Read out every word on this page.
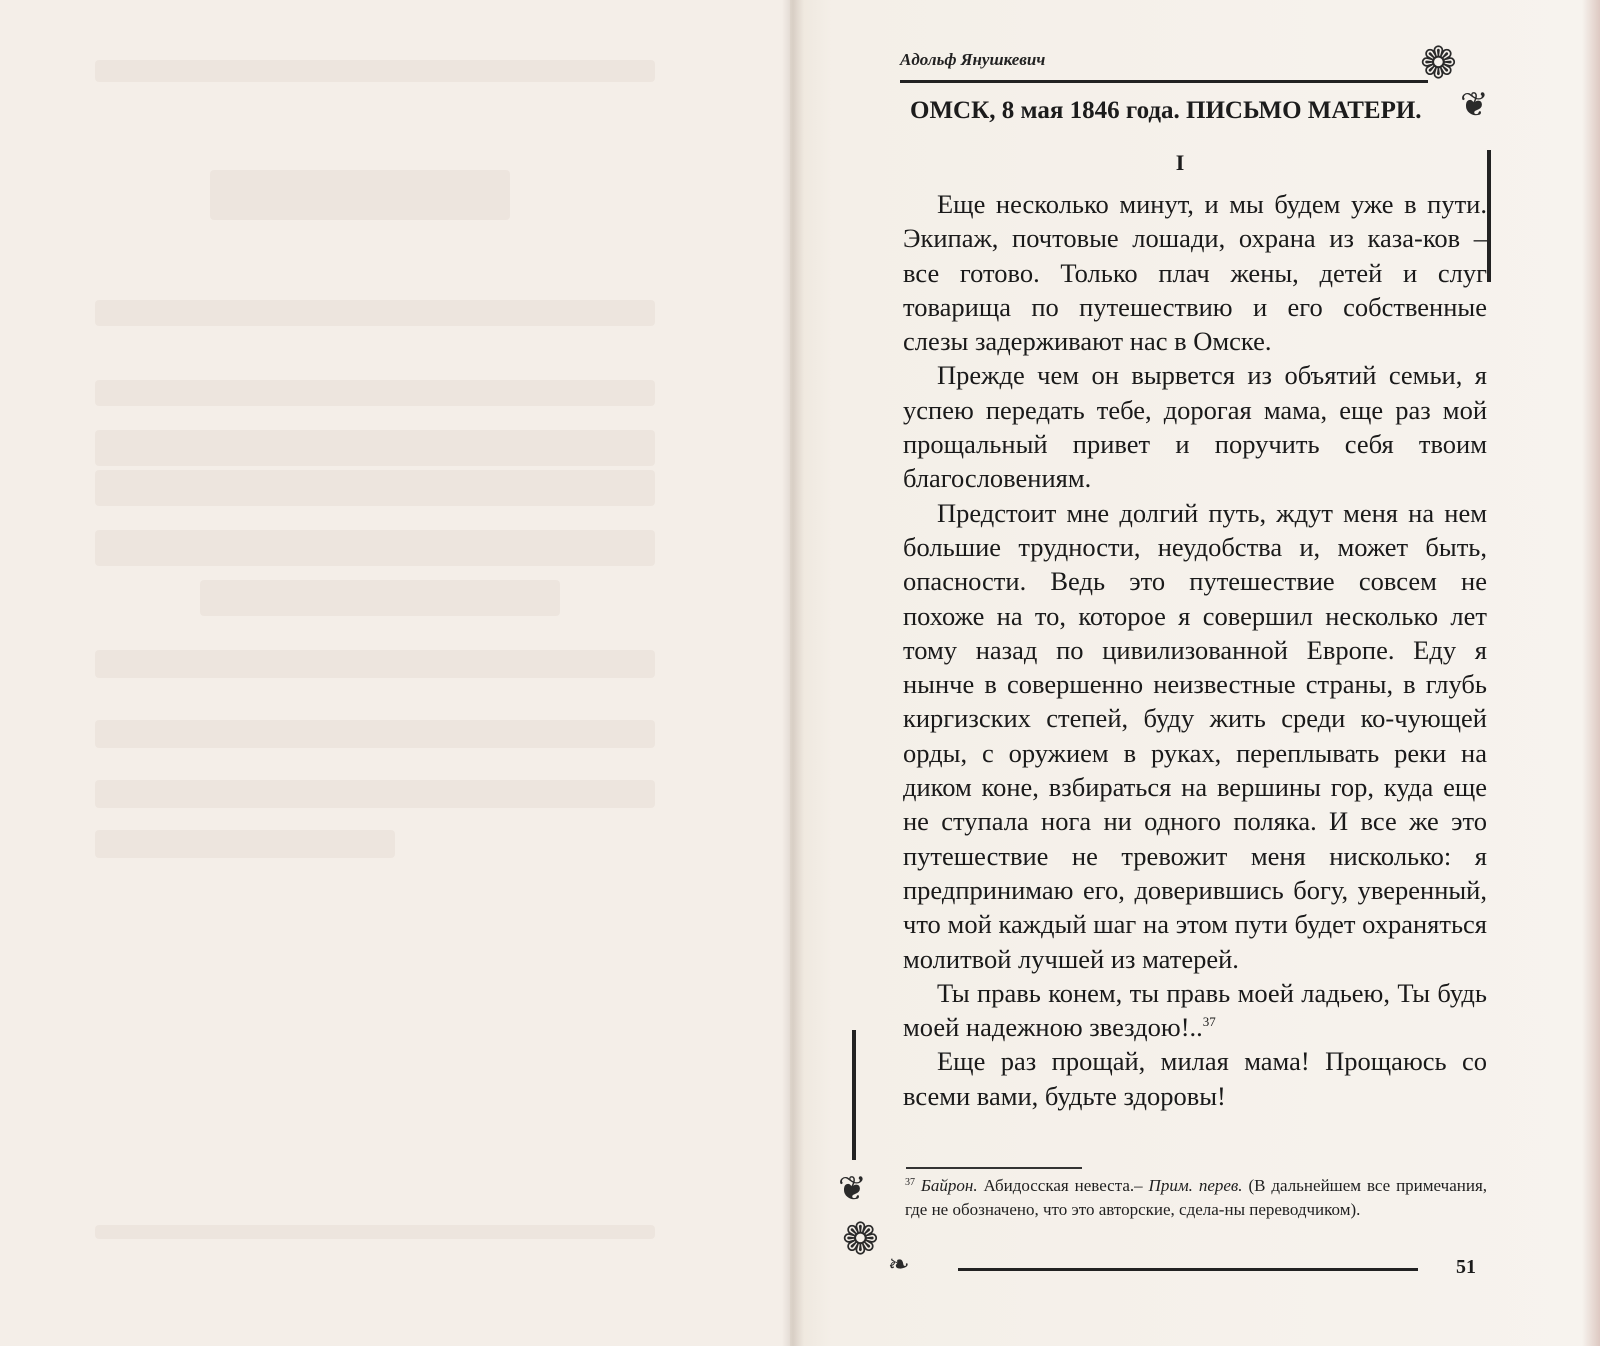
Адольф Янушкевич	❁
❦
ОМСК, 8 мая 1846 года. ПИСЬМО МАТЕРИ.
I

Еще несколько минут, и мы будем уже в пути. Экипаж, почтовые лошади, охрана из каза-ков – все готово. Только плач жены, детей и слуг товарища по путешествию и его собственные слезы задерживают нас в Омске.

Прежде чем он вырвется из объятий семьи, я успею передать тебе, дорогая мама, еще раз мой прощальный привет и поручить себя твоим благословениям.

Предстоит мне долгий путь, ждут меня на нем большие трудности, неудобства и, может быть, опасности. Ведь это путешествие совсем не похоже на то, которое я совершил несколько лет тому назад по цивилизованной Европе. Еду я нынче в совершенно неизвестные страны, в глубь киргизских степей, буду жить среди ко-чующей орды, с оружием в руках, переплывать реки на диком коне, взбираться на вершины гор, куда еще не ступала нога ни одного поляка. И все же это путешествие не тревожит меня нисколько: я предпринимаю его, доверившись богу, уверенный, что мой каждый шаг на этом пути будет охраняться молитвой лучшей из матерей.

Ты правь конем, ты правь моей ладьею, Ты будь моей надежною звездою!..$^{37}$

Еще раз прощай, милая мама! Прощаюсь со всеми вами, будьте здоровы!

❦
❁ ❧
$^{37}$ Байрон. Абидосская невеста.– Прим. перев. (В дальнейшем все примечания, где не обозначено, что это авторские, сдела-ны переводчиком).
51
